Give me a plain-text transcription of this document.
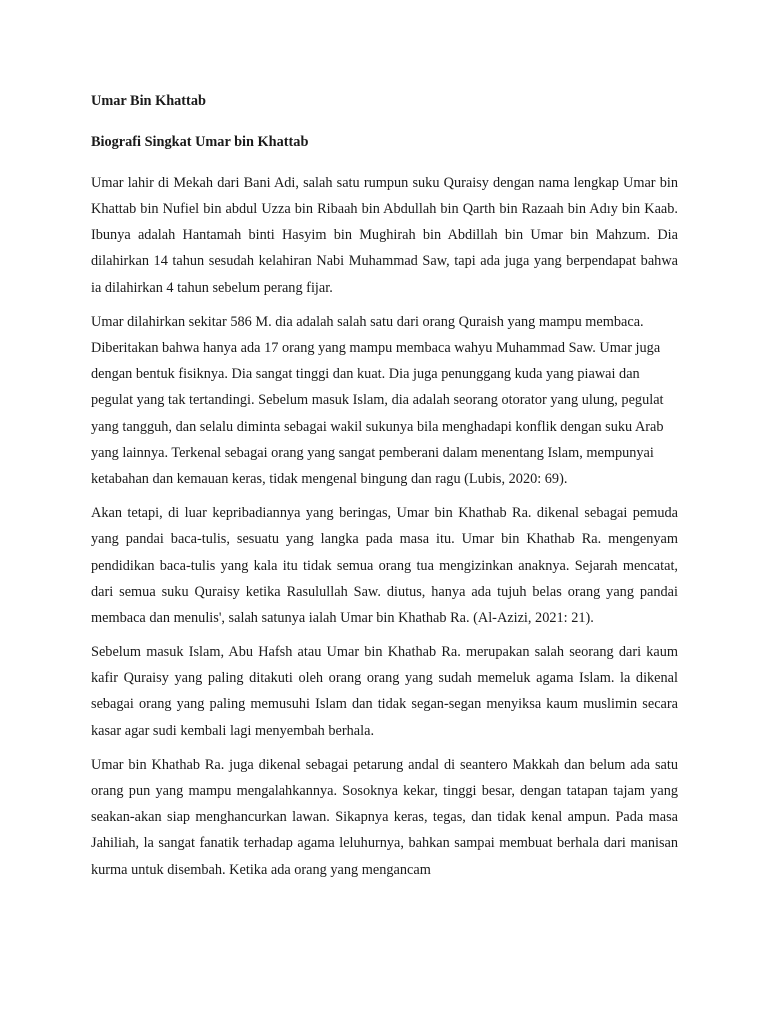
Umar Bin Khattab

Biografi Singkat Umar bin Khattab

Umar lahir di Mekah dari Bani Adi, salah satu rumpun suku Quraisy dengan nama lengkap Umar bin Khattab bin Nufiel bin abdul Uzza bin Ribaah bin Abdullah bin Qarth bin Razaah bin Adıy bin Kaab. Ibunya adalah Hantamah binti Hasyim bin Mughirah bin Abdillah bin Umar bin Mahzum. Dia dilahirkan 14 tahun sesudah kelahiran Nabi Muhammad Saw, tapi ada juga yang berpendapat bahwa ia dilahirkan 4 tahun sebelum perang fijar.

Umar dilahirkan sekitar 586 M. dia adalah salah satu dari orang Quraish yang mampu membaca. Diberitakan bahwa hanya ada 17 orang yang mampu membaca wahyu Muhammad Saw. Umar juga dengan bentuk fisiknya. Dia sangat tinggi dan kuat. Dia juga penunggang kuda yang piawai dan pegulat yang tak tertandingi. Sebelum masuk Islam, dia adalah seorang otorator yang ulung, pegulat yang tangguh, dan selalu diminta sebagai wakil sukunya bila menghadapi konflik dengan suku Arab yang lainnya. Terkenal sebagai orang yang sangat pemberani dalam menentang Islam, mempunyai ketabahan dan kemauan keras, tidak mengenal bingung dan ragu (Lubis, 2020: 69).

Akan tetapi, di luar kepribadiannya yang beringas, Umar bin Khathab Ra. dikenal sebagai pemuda yang pandai baca-tulis, sesuatu yang langka pada masa itu. Umar bin Khathab Ra. mengenyam pendidikan baca-tulis yang kala itu tidak semua orang tua mengizinkan anaknya. Sejarah mencatat, dari semua suku Quraisy ketika Rasulullah Saw. diutus, hanya ada tujuh belas orang yang pandai membaca dan menulis', salah satunya ialah Umar bin Khathab Ra. (Al-Azizi, 2021: 21).

Sebelum masuk Islam, Abu Hafsh atau Umar bin Khathab Ra. merupakan salah seorang dari kaum kafir Quraisy yang paling ditakuti oleh orang orang yang sudah memeluk agama Islam. la dikenal sebagai orang yang paling memusuhi Islam dan tidak segan-segan menyiksa kaum muslimin secara kasar agar sudi kembali lagi menyembah berhala.

Umar bin Khathab Ra. juga dikenal sebagai petarung andal di seantero Makkah dan belum ada satu orang pun yang mampu mengalahkannya. Sosoknya kekar, tinggi besar, dengan tatapan tajam yang seakan-akan siap menghancurkan lawan. Sikapnya keras, tegas, dan tidak kenal ampun. Pada masa Jahiliah, la sangat fanatik terhadap agama leluhurnya, bahkan sampai membuat berhala dari manisan kurma untuk disembah. Ketika ada orang yang mengancam
